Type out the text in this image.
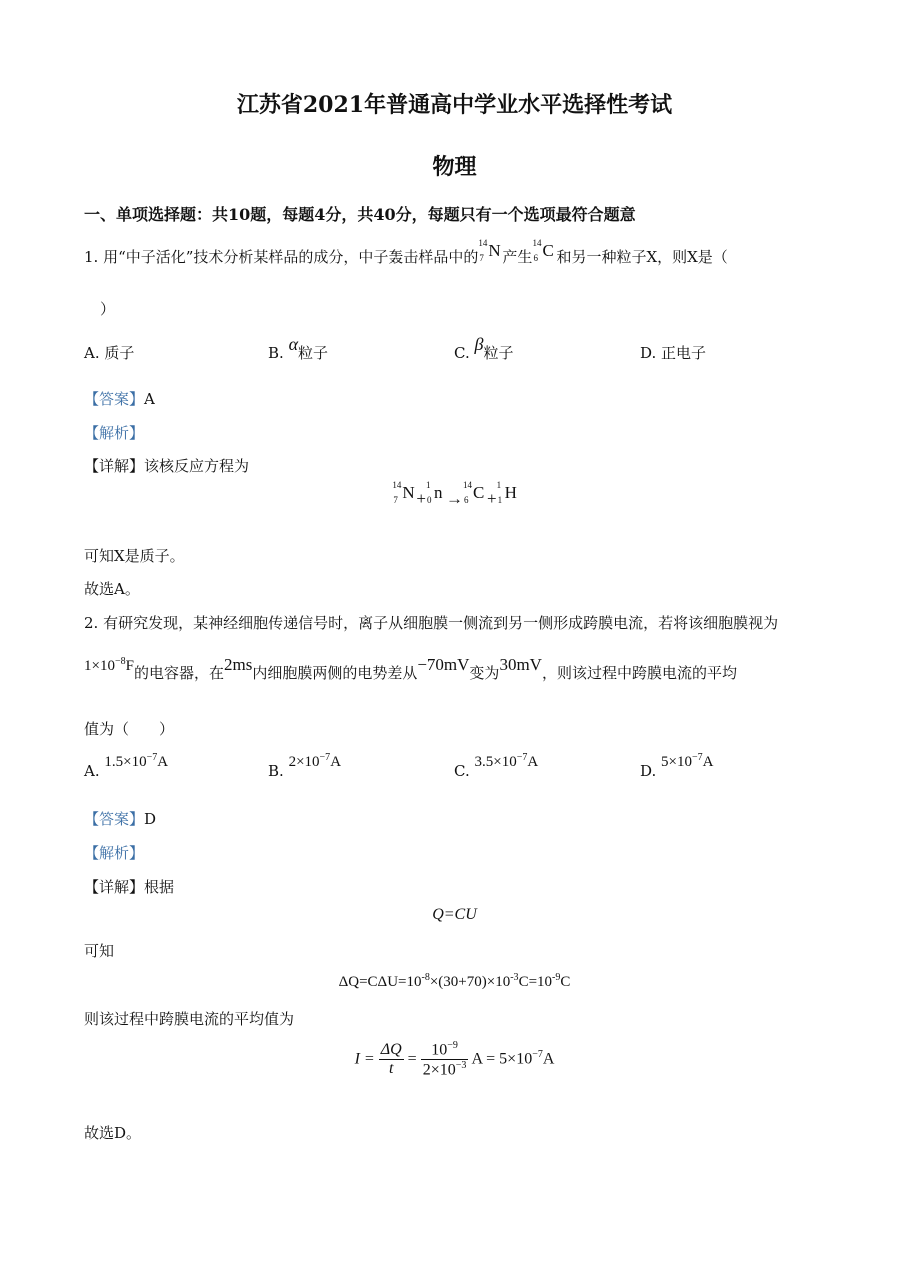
江苏省2021年普通高中学业水平选择性考试
物理
一、单项选择题：共10题，每题4分，共40分，每题只有一个选项最符合题意
1. 用“中子活化”技术分析某样品的成分，中子轰击样品中的
14
7 N 产生
14
6 C 和另一种粒子X，则X是（
）
A. 质子	B. α粒子	C. β粒子	D. 正电子
【答案】A
【解析】
【详解】该核反应方程为
14
7 N +
1
0 n →
14
6 C +
1
1 H
可知X是质子。
故选A。
2. 有研究发现，某神经细胞传递信号时，离子从细胞膜一侧流到另一侧形成跨膜电流，若将该细胞膜视为
$1\times 10^{-8}F$的电容器，在2ms内细胞膜两侧的电势差从−70mV变为30mV，则该过程中跨膜电流的平均
值为（　　）
A. $1.5\times 10^{-7}A$	B. $2\times 10^{-7}A$	C. $3.5\times 10^{-7}A$	D. $5\times 10^{-7}A$
【答案】D
【解析】
【详解】根据
Q=CU
可知
$\Delta Q=C\Delta U=10^{-8}\times(30+70)\times 10^{-3}C=10^{-9}C$
则该过程中跨膜电流的平均值为
$I = \frac{\Delta Q}{t} = \frac{10^{-9}}{2\times 10^{-3}}$ $A = 5\times 10^{-7}A$
故选D。
